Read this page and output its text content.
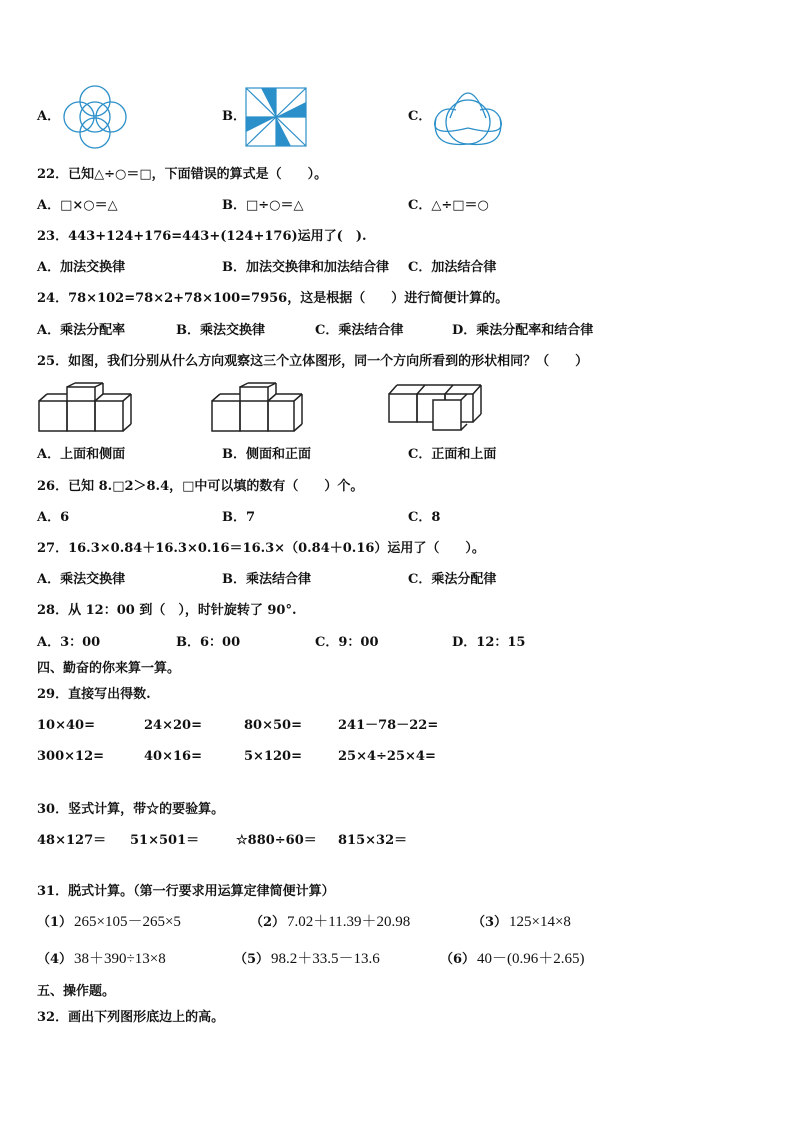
A．	B．	C．
22．已知△÷○＝□，下面错误的算式是（　　）。
A．□×○＝△	B．□÷○＝△	C．△÷□＝○
23．443+124+176=443+(124+176)运用了(　).
A．加法交换律	B．加法交换律和加法结合律 C．加法结合律
24．78×102=78×2+78×100=7956，这是根据（　　）进行简便计算的。
A．乘法分配率	B．乘法交换律	C．乘法结合律	D．乘法分配率和结合律
25．如图，我们分别从什么方向观察这三个立体图形，同一个方向所看到的形状相同？（　　）
A．上面和侧面	B．侧面和正面	C．正面和上面
26．已知 8.□2＞8.4，□中可以填的数有（　　）个。
A．6	B．7	C．8
27．16.3×0.84＋16.3×0.16＝16.3×（0.84＋0.16）运用了（　　）。
A．乘法交换律	B．乘法结合律	C．乘法分配律
28．从 12：00 到（　），时针旋转了 90°.
A．3：00	B．6：00	C．9：00	D．12：15
四、勤奋的你来算一算。
29．直接写出得数.
10×40=	24×20=	80×50=	241－78－22=
300×12=	40×16=	5×120=	25×4÷25×4=
30．竖式计算，带☆的要验算。
48×127＝ 51×501＝	☆880÷60＝ 815×32＝
31．脱式计算。（第一行要求用运算定律简便计算）
（1） 265×105－265×5	（2） 7.02＋11.39＋20.98	（3） 125×14×8
（4） 38＋390÷13×8	（5） 98.2＋33.5－13.6	（6） 40－(0.96＋2.65)
五、操作题。
32．画出下列图形底边上的高。
